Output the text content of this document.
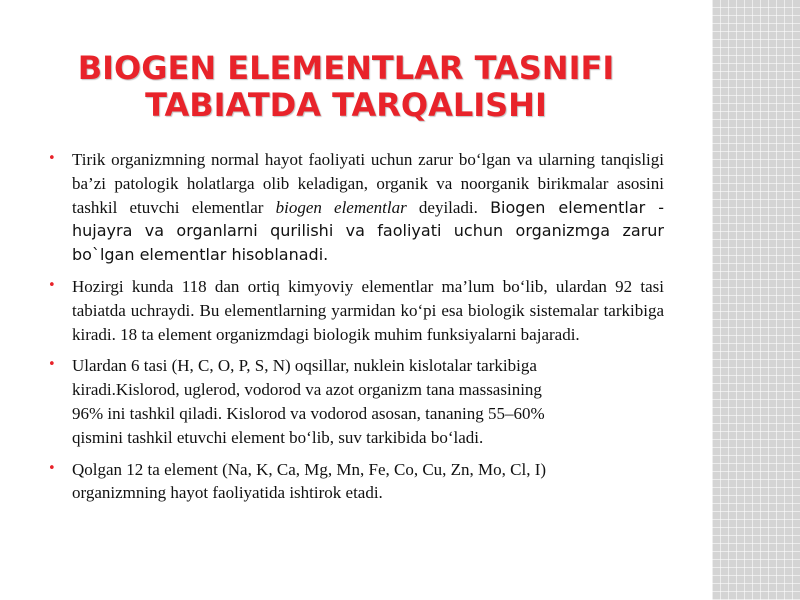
BIOGEN ELEMENTLAR TASNIFI
TABIATDA TARQALISHI
• Tirik organizmning normal hayot faoliyati uchun zarur bo‘lgan va ularning tanqisligi ba’zi patologik holatlarga olib keladigan, organik va noorganik birikmalar asosini tashkil etuvchi elementlar biogen elementlar deyiladi. Biogen elementlar - hujayra va organlarni qurilishi va faoliyati uchun organizmga zarur bo`lgan elementlar hisoblanadi.
• Hozirgi kunda 118 dan ortiq kimyoviy elementlar ma’lum bo‘lib, ulardan 92 tasi tabiatda uchraydi. Bu elementlarning yarmidan ko‘pi esa biologik sistemalar tarkibiga kiradi. 18 ta element organizmdagi biologik muhim funksiyalarni bajaradi.
• Ulardan 6 tasi (H, C, O, P, S, N) oqsillar, nuklein kislotalar tarkibiga
kiradi.Kislorod, uglerod, vodorod va azot organizm tana massasining
96% ini tashkil qiladi. Kislorod va vodorod asosan, tananing 55–60%
qismini tashkil etuvchi element bo‘lib, suv tarkibida bo‘ladi.
• Qolgan 12 ta element (Na, K, Ca, Mg, Mn, Fe, Co, Cu, Zn, Mo, Cl, I)
organizmning hayot faoliyatida ishtirok etadi.
